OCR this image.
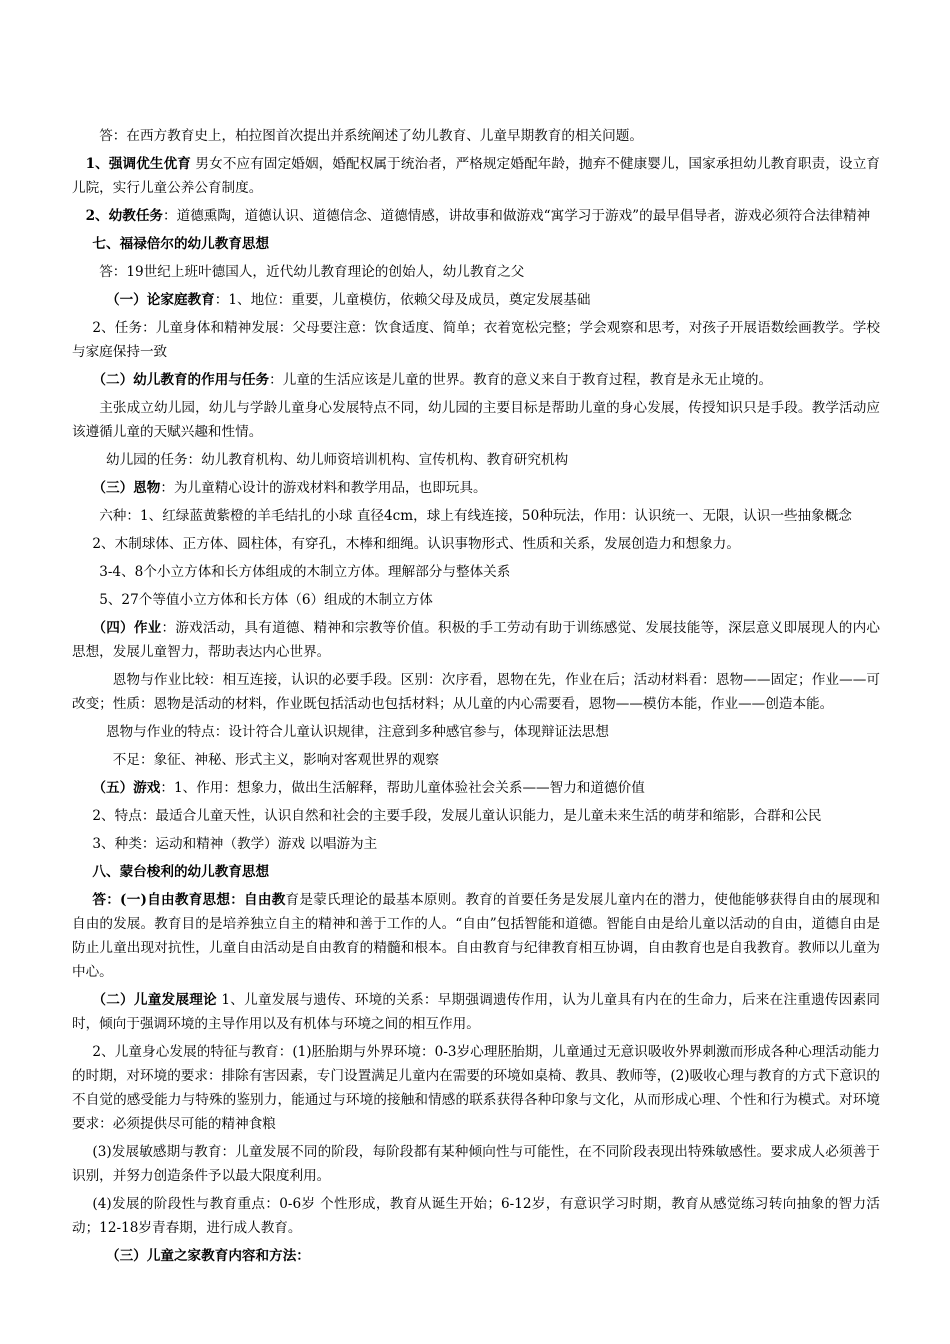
答：在西方教育史上，柏拉图首次提出并系统阐述了幼儿教育、儿童早期教育的相关问题。

1、强调优生优育 男女不应有固定婚姻，婚配权属于统治者，严格规定婚配年龄，抛弃不健康婴儿，国家承担幼儿教育职责，设立育儿院，实行儿童公养公育制度。

2、幼教任务：道德熏陶，道德认识、道德信念、道德情感，讲故事和做游戏“寓学习于游戏”的最早倡导者，游戏必须符合法律精神

七、福禄倍尔的幼儿教育思想

答：19世纪上班叶德国人，近代幼儿教育理论的创始人，幼儿教育之父

（一）论家庭教育：1、地位：重要，儿童模仿，依赖父母及成员，奠定发展基础

2、任务：儿童身体和精神发展：父母要注意：饮食适度、简单；衣着宽松完整；学会观察和思考，对孩子开展语数绘画教学。学校与家庭保持一致

（二）幼儿教育的作用与任务：儿童的生活应该是儿童的世界。教育的意义来自于教育过程，教育是永无止境的。

主张成立幼儿园，幼儿与学龄儿童身心发展特点不同，幼儿园的主要目标是帮助儿童的身心发展，传授知识只是手段。教学活动应该遵循儿童的天赋兴趣和性情。

幼儿园的任务：幼儿教育机构、幼儿师资培训机构、宣传机构、教育研究机构

（三）恩物：为儿童精心设计的游戏材料和教学用品，也即玩具。

六种：1、红绿蓝黄紫橙的羊毛结扎的小球 直径4cm，球上有线连接，50种玩法，作用：认识统一、无限，认识一些抽象概念

2、木制球体、正方体、圆柱体，有穿孔，木棒和细绳。认识事物形式、性质和关系，发展创造力和想象力。

3-4、8个小立方体和长方体组成的木制立方体。理解部分与整体关系

5、27个等值小立方体和长方体（6）组成的木制立方体

（四）作业：游戏活动，具有道德、精神和宗教等价值。积极的手工劳动有助于训练感觉、发展技能等，深层意义即展现人的内心思想，发展儿童智力，帮助表达内心世界。

恩物与作业比较：相互连接，认识的必要手段。区别：次序看，恩物在先，作业在后；活动材料看：恩物——固定；作业——可改变；性质：恩物是活动的材料，作业既包括活动也包括材料；从儿童的内心需要看，恩物——模仿本能，作业——创造本能。

恩物与作业的特点：设计符合儿童认识规律，注意到多种感官参与，体现辩证法思想

不足：象征、神秘、形式主义，影响对客观世界的观察

（五）游戏：1、作用：想象力，做出生活解释，帮助儿童体验社会关系——智力和道德价值

2、特点：最适合儿童天性，认识自然和社会的主要手段，发展儿童认识能力，是儿童未来生活的萌芽和缩影，合群和公民

3、种类：运动和精神（教学）游戏 以唱游为主

八、蒙台梭利的幼儿教育思想

答：(一)自由教育思想：自由教育是蒙氏理论的最基本原则。教育的首要任务是发展儿童内在的潜力，使他能够获得自由的展现和自由的发展。教育目的是培养独立自主的精神和善于工作的人。“自由”包括智能和道德。智能自由是给儿童以活动的自由，道德自由是防止儿童出现对抗性，儿童自由活动是自由教育的精髓和根本。自由教育与纪律教育相互协调，自由教育也是自我教育。教师以儿童为中心。

（二）儿童发展理论 1、儿童发展与遗传、环境的关系：早期强调遗传作用，认为儿童具有内在的生命力，后来在注重遗传因素同时，倾向于强调环境的主导作用以及有机体与环境之间的相互作用。

2、儿童身心发展的特征与教育：(1)胚胎期与外界环境：0-3岁心理胚胎期，儿童通过无意识吸收外界刺激而形成各种心理活动能力的时期，对环境的要求：排除有害因素，专门设置满足儿童内在需要的环境如桌椅、教具、教师等，(2)吸收心理与教育的方式下意识的不自觉的感受能力与特殊的鉴别力，能通过与环境的接触和情感的联系获得各种印象与文化，从而形成心理、个性和行为模式。对环境要求：必须提供尽可能的精神食粮

(3)发展敏感期与教育：儿童发展不同的阶段，每阶段都有某种倾向性与可能性，在不同阶段表现出特殊敏感性。要求成人必须善于识别，并努力创造条件予以最大限度利用。

(4)发展的阶段性与教育重点：0-6岁 个性形成，教育从诞生开始；6-12岁，有意识学习时期，教育从感觉练习转向抽象的智力活动；12-18岁青春期，进行成人教育。

（三）儿童之家教育内容和方法：
